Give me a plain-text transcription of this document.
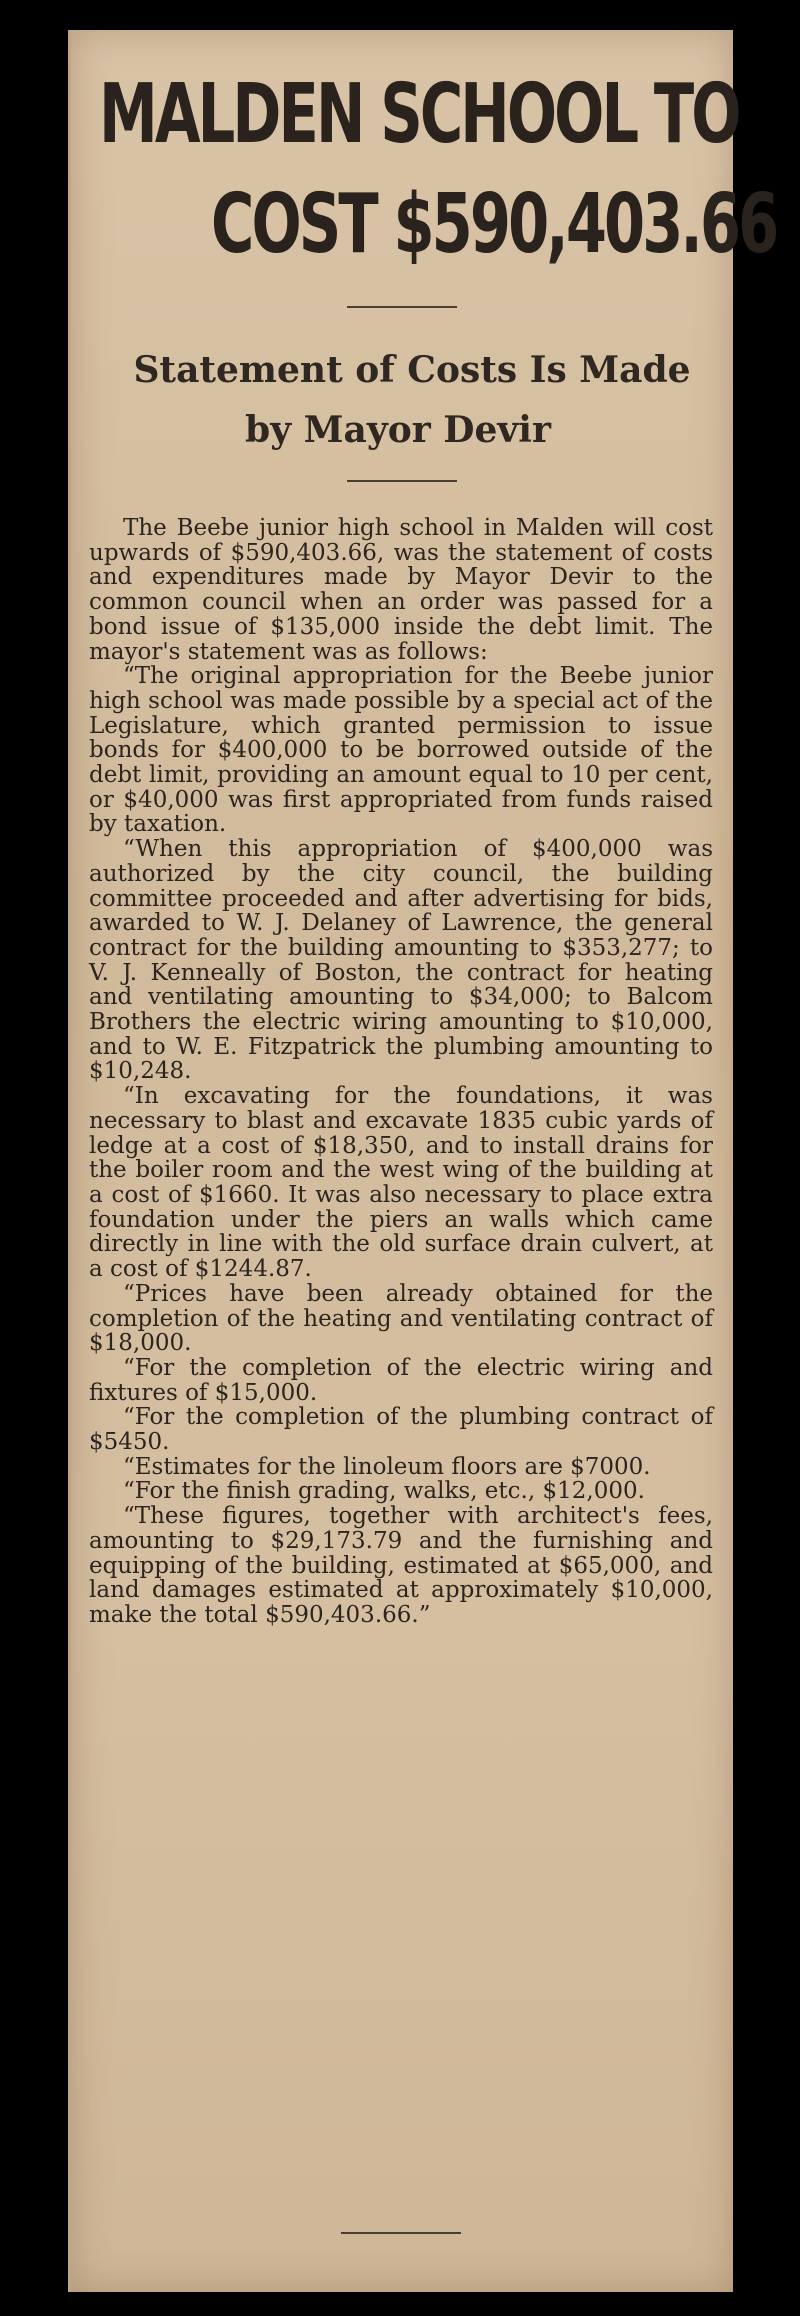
MALDEN SCHOOL TO
COST $590,403.66
Statement of Costs Is Made
by Mayor Devir

The Beebe junior high school in Malden will cost upwards of $590,403.66, was the statement of costs and expenditures made by Mayor Devir to the common council when an order was passed for a bond issue of $135,000 inside the debt limit. The mayor's statement was as follows:

“The original appropriation for the Beebe junior high school was made possible by a special act of the Legislature, which granted permission to issue bonds for $400,000 to be borrowed outside of the debt limit, providing an amount equal to 10 per cent, or $40,000 was first appropriated from funds raised by taxation.

“When this appropriation of $400,000 was authorized by the city council, the building committee proceeded and after advertising for bids, awarded to W. J. Delaney of Lawrence, the general contract for the building amounting to $353,277; to V. J. Kenneally of Boston, the contract for heating and ventilating amounting to $34,000; to Balcom Brothers the electric wiring amounting to $10,000, and to W. E. Fitzpatrick the plumbing amounting to $10,248.

“In excavating for the foundations, it was necessary to blast and excavate 1835 cubic yards of ledge at a cost of $18,350, and to install drains for the boiler room and the west wing of the building at a cost of $1660. It was also necessary to place extra foundation under the piers an walls which came directly in line with the old surface drain culvert, at a cost of $1244.87.

“Prices have been already obtained for the completion of the heating and ventilating contract of $18,000.

“For the completion of the electric wiring and fixtures of $15,000.

“For the completion of the plumbing contract of $5450.

“Estimates for the linoleum floors are $7000.

“For the finish grading, walks, etc., $12,000.

“These figures, together with architect's fees, amounting to $29,173.79 and the furnishing and equipping of the building, estimated at $65,000, and land damages estimated at approximately $10,000, make the total $590,403.66.”
